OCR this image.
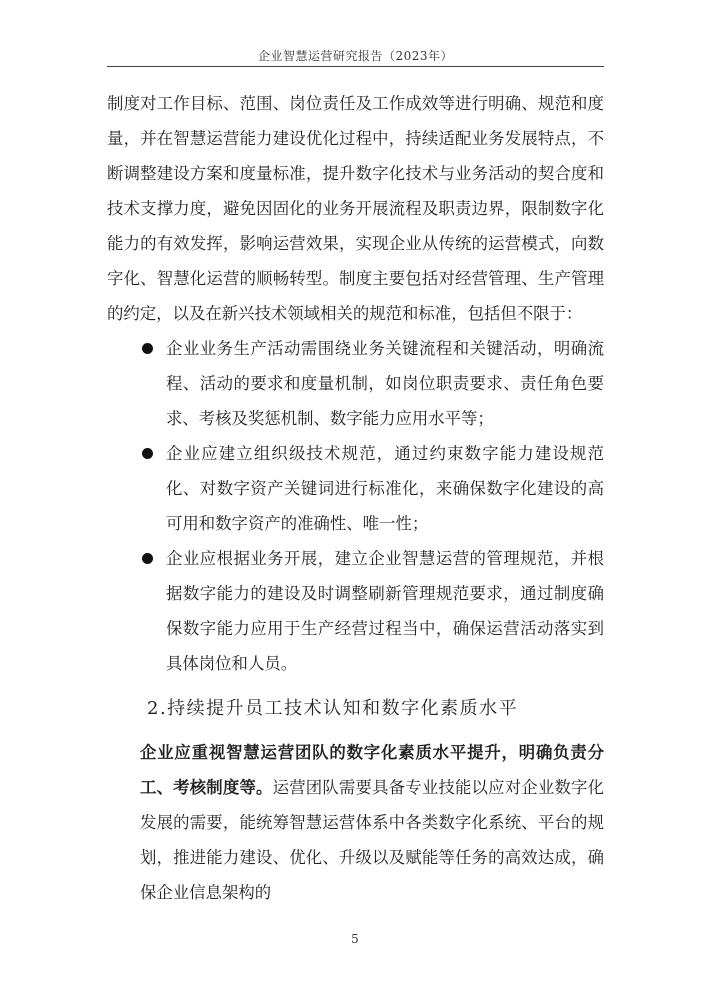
企业智慧运营研究报告（2023年）

制度对工作目标、范围、岗位责任及工作成效等进行明确、规范和度量，并在智慧运营能力建设优化过程中，持续适配业务发展特点，不断调整建设方案和度量标准，提升数字化技术与业务活动的契合度和技术支撑力度，避免因固化的业务开展流程及职责边界，限制数字化能力的有效发挥，影响运营效果，实现企业从传统的运营模式，向数字化、智慧化运营的顺畅转型。制度主要包括对经营管理、生产管理的约定，以及在新兴技术领域相关的规范和标准，包括但不限于：

企业业务生产活动需围绕业务关键流程和关键活动，明确流程、活动的要求和度量机制，如岗位职责要求、责任角色要求、考核及奖惩机制、数字能力应用水平等；
企业应建立组织级技术规范，通过约束数字能力建设规范化、对数字资产关键词进行标准化，来确保数字化建设的高可用和数字资产的准确性、唯一性；
企业应根据业务开展，建立企业智慧运营的管理规范，并根据数字能力的建设及时调整刷新管理规范要求，通过制度确保数字能力应用于生产经营过程当中，确保运营活动落实到具体岗位和人员。
2.持续提升员工技术认知和数字化素质水平

企业应重视智慧运营团队的数字化素质水平提升，明确负责分工、考核制度等。运营团队需要具备专业技能以应对企业数字化发展的需要，能统筹智慧运营体系中各类数字化系统、平台的规划，推进能力建设、优化、升级以及赋能等任务的高效达成，确保企业信息架构的

5
